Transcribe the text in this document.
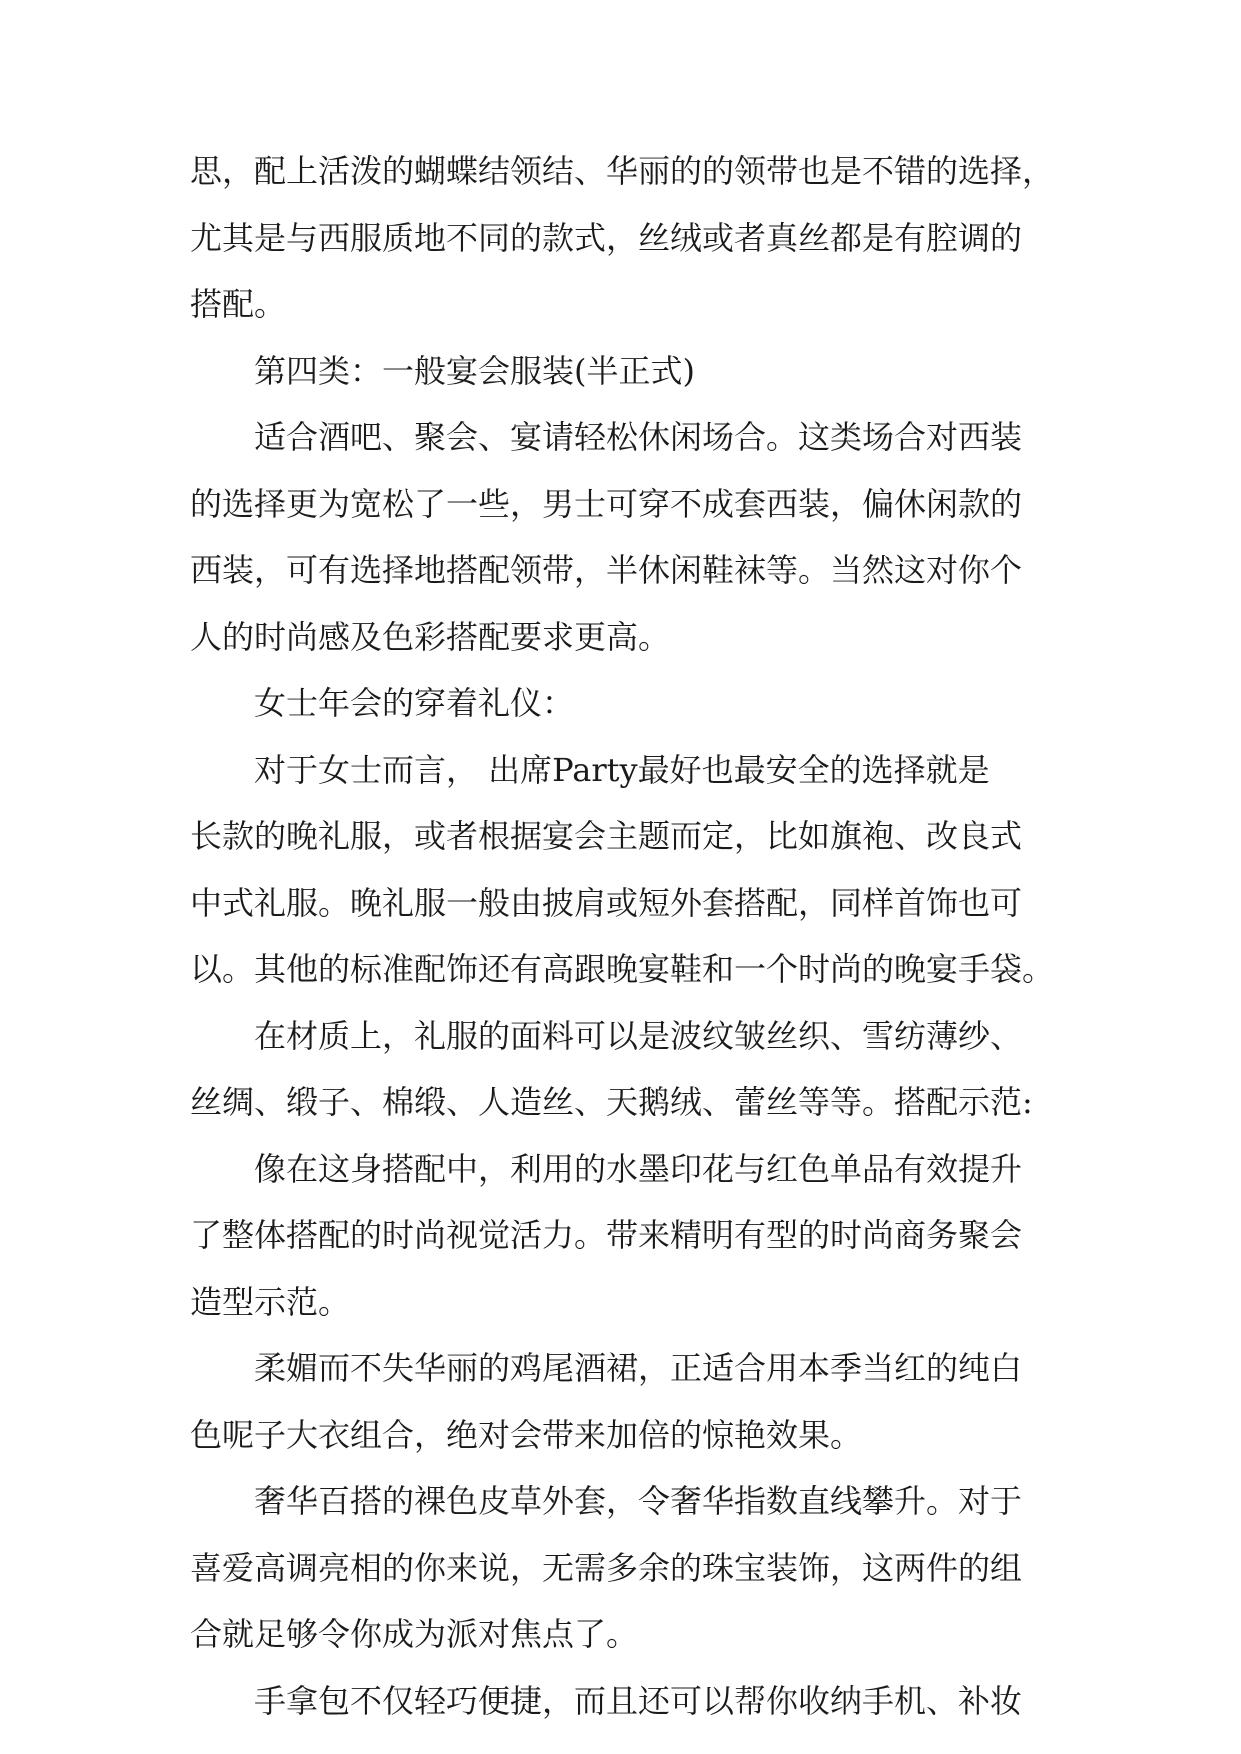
思，配上活泼的蝴蝶结领结、华丽的的领带也是不错的选择，
尤其是与西服质地不同的款式，丝绒或者真丝都是有腔调的
搭配。
第四类：一般宴会服装(半正式)
适合酒吧、聚会、宴请轻松休闲场合。这类场合对西装
的选择更为宽松了一些，男士可穿不成套西装，偏休闲款的
西装，可有选择地搭配领带，半休闲鞋袜等。当然这对你个
人的时尚感及色彩搭配要求更高。
女士年会的穿着礼仪：
对于女士而言， 出席Party最好也最安全的选择就是
长款的晚礼服，或者根据宴会主题而定，比如旗袍、改良式
中式礼服。晚礼服一般由披肩或短外套搭配，同样首饰也可
以。其他的标准配饰还有高跟晚宴鞋和一个时尚的晚宴手袋。
在材质上，礼服的面料可以是波纹皱丝织、雪纺薄纱、
丝绸、缎子、棉缎、人造丝、天鹅绒、蕾丝等等。搭配示范:
像在这身搭配中，利用的水墨印花与红色单品有效提升
了整体搭配的时尚视觉活力。带来精明有型的时尚商务聚会
造型示范。
柔媚而不失华丽的鸡尾酒裙，正适合用本季当红的纯白
色呢子大衣组合，绝对会带来加倍的惊艳效果。
奢华百搭的裸色皮草外套，令奢华指数直线攀升。对于
喜爱高调亮相的你来说，无需多余的珠宝装饰，这两件的组
合就足够令你成为派对焦点了。
手拿包不仅轻巧便捷，而且还可以帮你收纳手机、补妆
